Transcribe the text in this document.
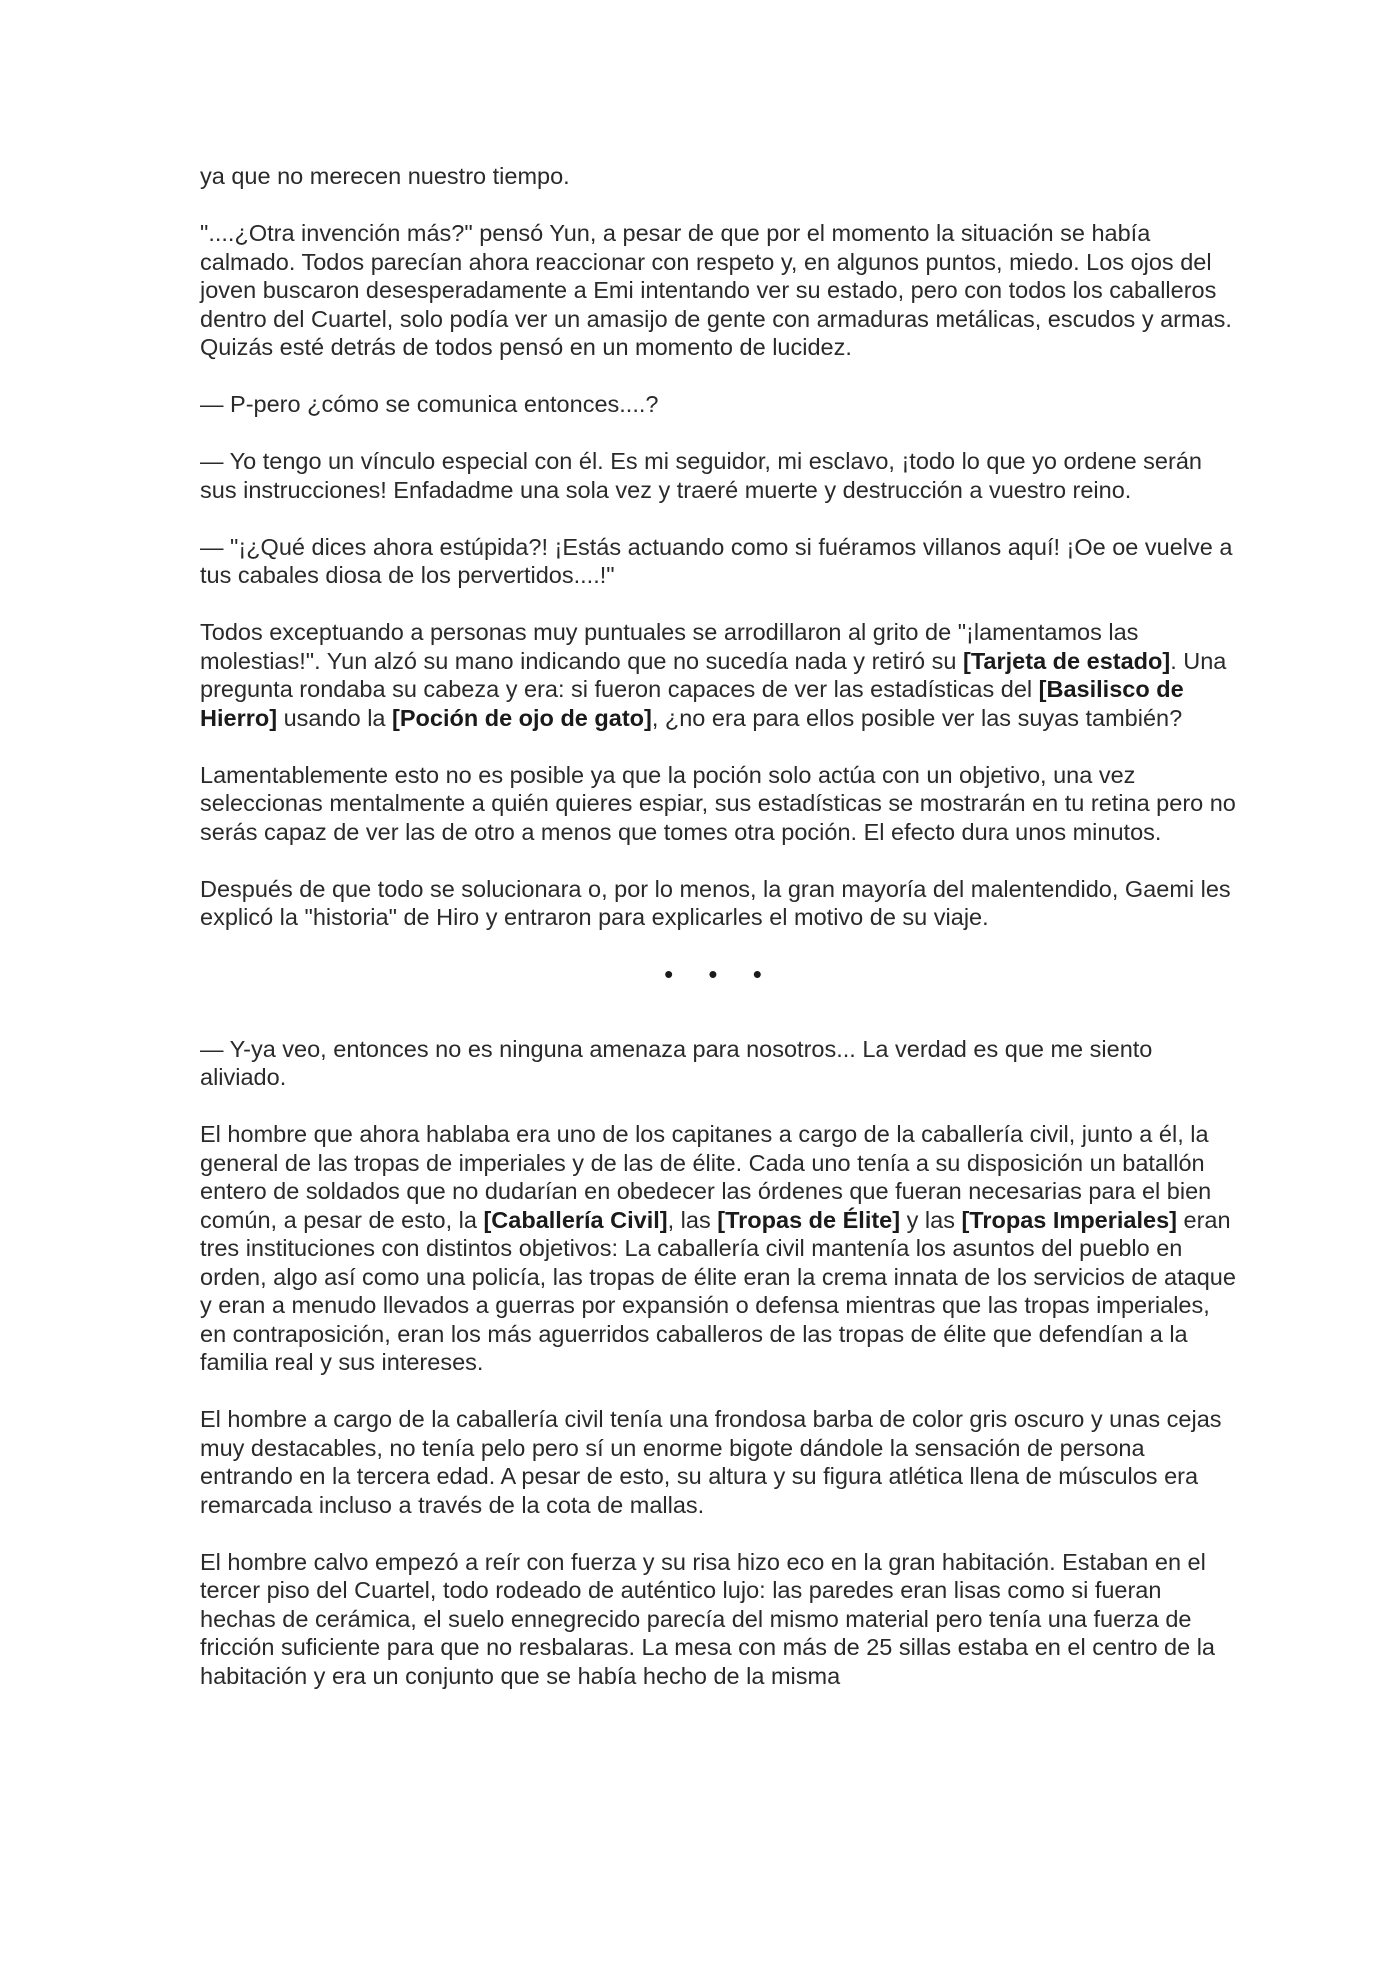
ya que no merecen nuestro tiempo.

"....¿Otra invención más?" pensó Yun, a pesar de que por el momento la situación se había calmado. Todos parecían ahora reaccionar con respeto y, en algunos puntos, miedo. Los ojos del joven buscaron desesperadamente a Emi intentando ver su estado, pero con todos los caballeros dentro del Cuartel, solo podía ver un amasijo de gente con armaduras metálicas, escudos y armas. Quizás esté detrás de todos pensó en un momento de lucidez.

— P-pero ¿cómo se comunica entonces....?

— Yo tengo un vínculo especial con él. Es mi seguidor, mi esclavo, ¡todo lo que yo ordene serán sus instrucciones! Enfadadme una sola vez y traeré muerte y destrucción a vuestro reino.

— "¡¿Qué dices ahora estúpida?! ¡Estás actuando como si fuéramos villanos aquí! ¡Oe oe vuelve a tus cabales diosa de los pervertidos....!"

Todos exceptuando a personas muy puntuales se arrodillaron al grito de "¡lamentamos las molestias!". Yun alzó su mano indicando que no sucedía nada y retiró su [Tarjeta de estado]. Una pregunta rondaba su cabeza y era: si fueron capaces de ver las estadísticas del [Basilisco de Hierro] usando la [Poción de ojo de gato], ¿no era para ellos posible ver las suyas también?

Lamentablemente esto no es posible ya que la poción solo actúa con un objetivo, una vez seleccionas mentalmente a quién quieres espiar, sus estadísticas se mostrarán en tu retina pero no serás capaz de ver las de otro a menos que tomes otra poción. El efecto dura unos minutos.

Después de que todo se solucionara o, por lo menos, la gran mayoría del malentendido, Gaemi les explicó la "historia" de Hiro y entraron para explicarles el motivo de su viaje.

• • •

— Y-ya veo, entonces no es ninguna amenaza para nosotros... La verdad es que me siento aliviado.

El hombre que ahora hablaba era uno de los capitanes a cargo de la caballería civil, junto a él, la general de las tropas de imperiales y de las de élite. Cada uno tenía a su disposición un batallón entero de soldados que no dudarían en obedecer las órdenes que fueran necesarias para el bien común, a pesar de esto, la [Caballería Civil], las [Tropas de Élite] y las [Tropas Imperiales] eran tres instituciones con distintos objetivos: La caballería civil mantenía los asuntos del pueblo en orden, algo así como una policía, las tropas de élite eran la crema innata de los servicios de ataque y eran a menudo llevados a guerras por expansión o defensa mientras que las tropas imperiales, en contraposición, eran los más aguerridos caballeros de las tropas de élite que defendían a la familia real y sus intereses.

El hombre a cargo de la caballería civil tenía una frondosa barba de color gris oscuro y unas cejas muy destacables, no tenía pelo pero sí un enorme bigote dándole la sensación de persona entrando en la tercera edad. A pesar de esto, su altura y su figura atlética llena de músculos era remarcada incluso a través de la cota de mallas.

El hombre calvo empezó a reír con fuerza y su risa hizo eco en la gran habitación. Estaban en el tercer piso del Cuartel, todo rodeado de auténtico lujo: las paredes eran lisas como si fueran hechas de cerámica, el suelo ennegrecido parecía del mismo material pero tenía una fuerza de fricción suficiente para que no resbalaras. La mesa con más de 25 sillas estaba en el centro de la habitación y era un conjunto que se había hecho de la misma
